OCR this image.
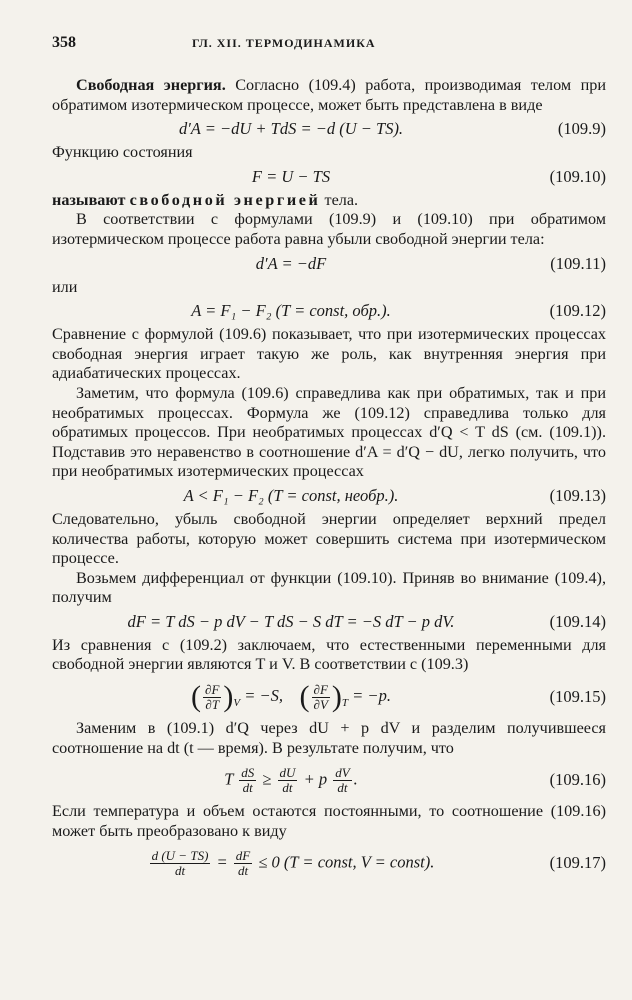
358	ГЛ. XII. ТЕРМОДИНАМИКА

Свободная энергия. Согласно (109.4) работа, производимая телом при обратимом изотермическом процессе, может быть представлена в виде

d′A = −dU + TdS = −d (U − TS).	(109.9)

Функцию состояния

F = U − TS	(109.10)

называют свободной энергией тела.

В соответствии с формулами (109.9) и (109.10) при обратимом изотермическом процессе работа равна убыли свободной энергии тела:

d′A = −dF	(109.11)

или

A = F₁ − F₂ (T = const, обр.).	(109.12)

Сравнение с формулой (109.6) показывает, что при изотермических процессах свободная энергия играет такую же роль, как внутренняя энергия при адиабатических процессах.

Заметим, что формула (109.6) справедлива как при обратимых, так и при необратимых процессах. Формула же (109.12) справедлива только для обратимых процессов. При необратимых процессах d′Q < T dS (см. (109.1)). Подставив это неравенство в соотношение d′A = d′Q − dU, легко получить, что при необратимых изотермических процессах

A < F₁ − F₂ (T = const, необр.).	(109.13)

Следовательно, убыль свободной энергии определяет верхний предел количества работы, которую может совершить система при изотермическом процессе.

Возьмем дифференциал от функции (109.10). Приняв во внимание (109.4), получим

dF = T dS − p dV − T dS − S dT = −S dT − p dV.	(109.14)

Из сравнения с (109.2) заключаем, что естественными переменными для свободной энергии являются T и V. В соответствии с (109.3)

( $\frac{\partial F}{\partial T} )_V = -S$, ( $\frac{\partial F}{\partial V} )_T = -p$.	(109.15)

Заменим в (109.1) d′Q через dU + p dV и разделим получившееся соотношение на dt (t — время). В результате получим, что

T $\frac{dS}{dt} \ge \frac{dU}{dt} + p \frac{dV}{dt}$ .	(109.16)

Если температура и объем остаются постоянными, то соотношение (109.16) может быть преобразовано к виду

$\frac{d (U - TS)}{dt} = \frac{dF}{dt} \le 0$ (T = const, V = const).	(109.17)
